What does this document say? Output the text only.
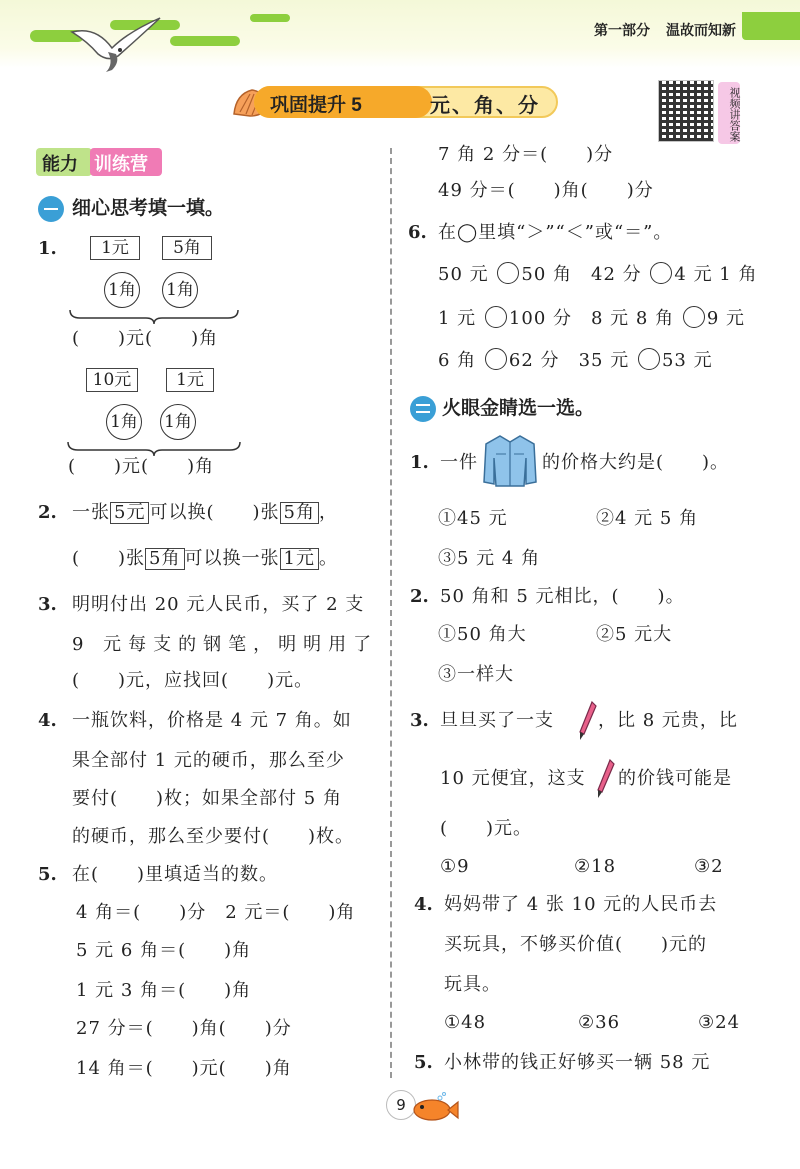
第一部分 温故而知新
巩固提升 5	元、角、分	视频讲答案
能力 训练营
细心思考填一填。
1.	1元	5角
1角 1角
(　　)元(　　)角
10元	1元
1角 1角
(　　)元(　　)角
2. 一张 5元 可以换(　　)张 5角 ，
(　　)张 5角 可以换一张 1元 。
3. 明明付出 20 元人民币，买了 2 支
9 元每支的钢笔，明明用了
(　　)元，应找回(　　)元。
4. 一瓶饮料，价格是 4 元 7 角。如
果全部付 1 元的硬币，那么至少
要付(　　)枚；如果全部付 5 角
的硬币，那么至少要付(　　)枚。
5. 在(　　)里填适当的数。
4 角＝(　　)分　2 元＝(　　)角
5 元 6 角＝(　　)角
1 元 3 角＝(　　)角
27 分＝(　　)角(　　)分
14 角＝(　　)元(　　)角
7 角 2 分＝(　　)分
49 分＝(　　)角(　　)分
6. 在◯里填“＞”“＜”或“＝”。
50 元 50 角　 42 分 4 元 1 角
1 元 100 分　 8 元 8 角 9 元
6 角 62 分　 35 元 53 元
火眼金睛选一选。
1. 一件	的价格大约是(　　)。
①45 元	②4 元 5 角
③5 元 4 角
2. 50 角和 5 元相比，(　　)。
①50 角大	②5 元大
③一样大
3. 旦旦买了一支 ，比 8 元贵，比
10 元便宜，这支 的价钱可能是
(　　)元。
①9	②18	③2
4. 妈妈带了 4 张 10 元的人民币去
买玩具，不够买价值(　　)元的
玩具。
①48	②36	③24
5. 小林带的钱正好够买一辆 58 元
9
